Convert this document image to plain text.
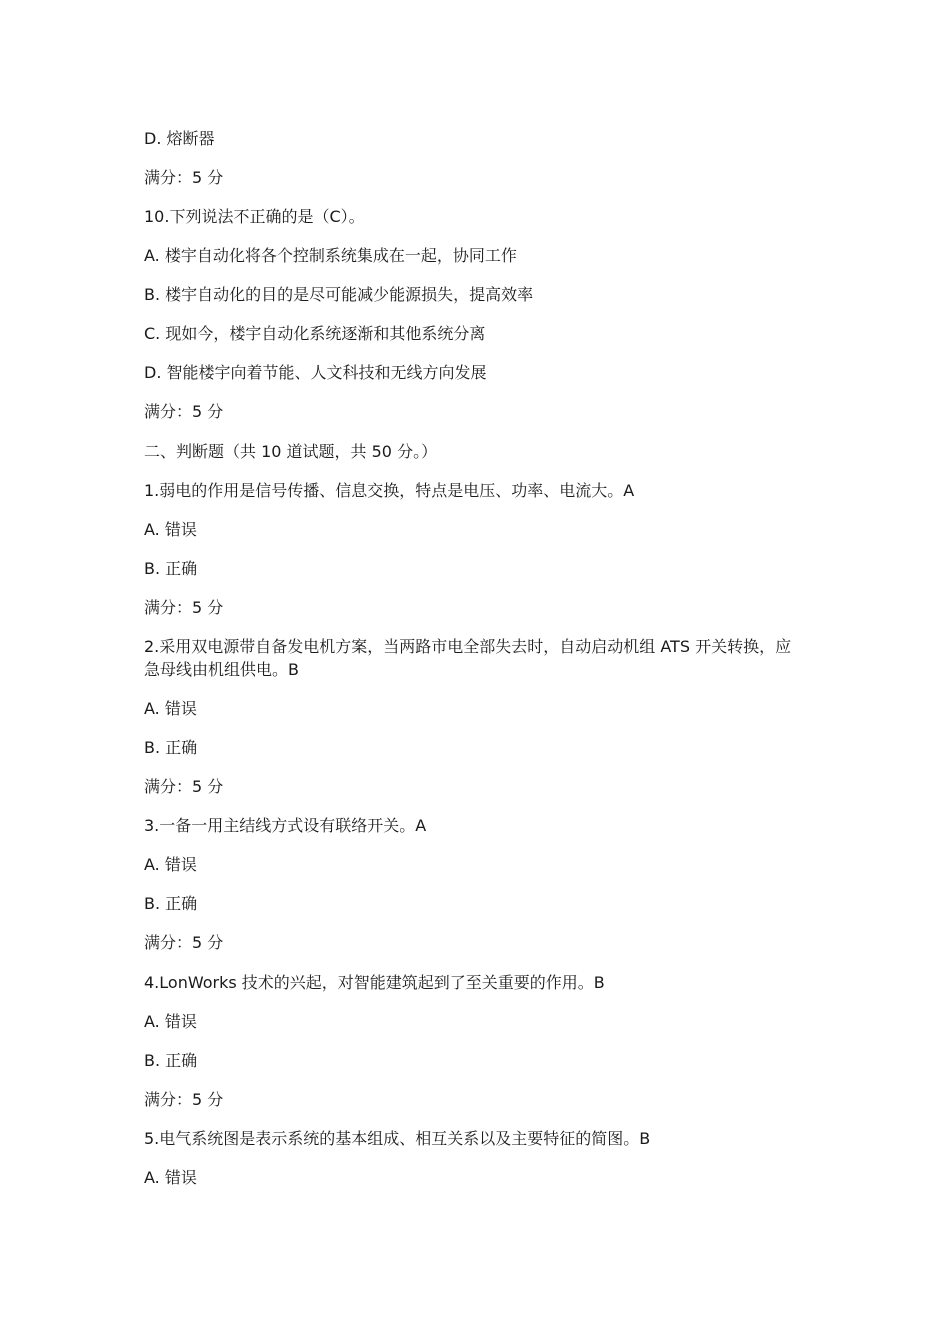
D. 熔断器
满分：5 分
10.下列说法不正确的是（C）。
A. 楼宇自动化将各个控制系统集成在一起，协同工作
B. 楼宇自动化的目的是尽可能减少能源损失，提高效率
C. 现如今，楼宇自动化系统逐渐和其他系统分离
D. 智能楼宇向着节能、人文科技和无线方向发展
满分：5 分
二、判断题（共 10 道试题，共 50 分。）
1.弱电的作用是信号传播、信息交换，特点是电压、功率、电流大。A
A. 错误
B. 正确
满分：5 分
2.采用双电源带自备发电机方案，当两路市电全部失去时，自动启动机组 ATS 开关转换，应急母线由机组供电。B
A. 错误
B. 正确
满分：5 分
3.一备一用主结线方式设有联络开关。A
A. 错误
B. 正确
满分：5 分
4.LonWorks 技术的兴起，对智能建筑起到了至关重要的作用。B
A. 错误
B. 正确
满分：5 分
5.电气系统图是表示系统的基本组成、相互关系以及主要特征的简图。B
A. 错误
